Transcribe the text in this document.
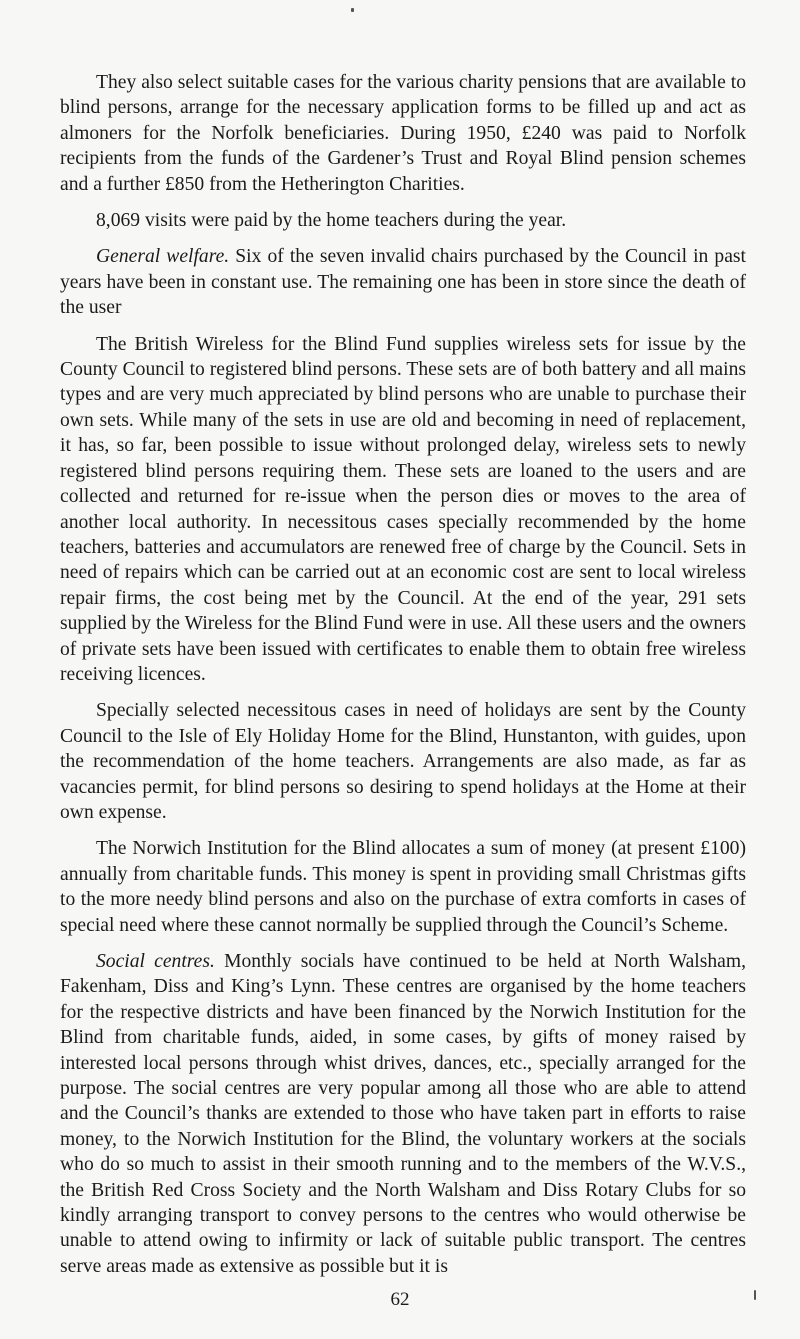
They also select suitable cases for the various charity pensions that are available to blind persons, arrange for the necessary application forms to be filled up and act as almoners for the Norfolk beneficiaries. During 1950, £240 was paid to Norfolk recipients from the funds of the Gardener’s Trust and Royal Blind pension schemes and a further £850 from the Hetherington Charities.

8,069 visits were paid by the home teachers during the year.

General welfare. Six of the seven invalid chairs purchased by the Council in past years have been in constant use. The remaining one has been in store since the death of the user

The British Wireless for the Blind Fund supplies wireless sets for issue by the County Council to registered blind persons. These sets are of both battery and all mains types and are very much appreciated by blind persons who are unable to purchase their own sets. While many of the sets in use are old and becoming in need of replacement, it has, so far, been possible to issue without prolonged delay, wireless sets to newly registered blind persons requiring them. These sets are loaned to the users and are collected and returned for re-issue when the person dies or moves to the area of another local authority. In necessitous cases specially recommended by the home teachers, batteries and accumulators are renewed free of charge by the Council. Sets in need of repairs which can be carried out at an economic cost are sent to local wireless repair firms, the cost being met by the Council. At the end of the year, 291 sets supplied by the Wireless for the Blind Fund were in use. All these users and the owners of private sets have been issued with certificates to enable them to obtain free wireless receiving licences.

Specially selected necessitous cases in need of holidays are sent by the County Council to the Isle of Ely Holiday Home for the Blind, Hunstanton, with guides, upon the recommendation of the home teachers. Arrangements are also made, as far as vacancies permit, for blind persons so desiring to spend holidays at the Home at their own expense.

The Norwich Institution for the Blind allocates a sum of money (at present £100) annually from charitable funds. This money is spent in providing small Christmas gifts to the more needy blind persons and also on the purchase of extra comforts in cases of special need where these cannot normally be supplied through the Council’s Scheme.

Social centres. Monthly socials have continued to be held at North Walsham, Fakenham, Diss and King’s Lynn. These centres are organised by the home teachers for the respective districts and have been financed by the Norwich Institution for the Blind from charitable funds, aided, in some cases, by gifts of money raised by interested local persons through whist drives, dances, etc., specially arranged for the purpose. The social centres are very popular among all those who are able to attend and the Council’s thanks are extended to those who have taken part in efforts to raise money, to the Norwich Institution for the Blind, the voluntary workers at the socials who do so much to assist in their smooth running and to the members of the W.V.S., the British Red Cross Society and the North Walsham and Diss Rotary Clubs for so kindly arranging transport to convey persons to the centres who would otherwise be unable to attend owing to infirmity or lack of suitable public transport. The centres serve areas made as extensive as possible but it is

62
